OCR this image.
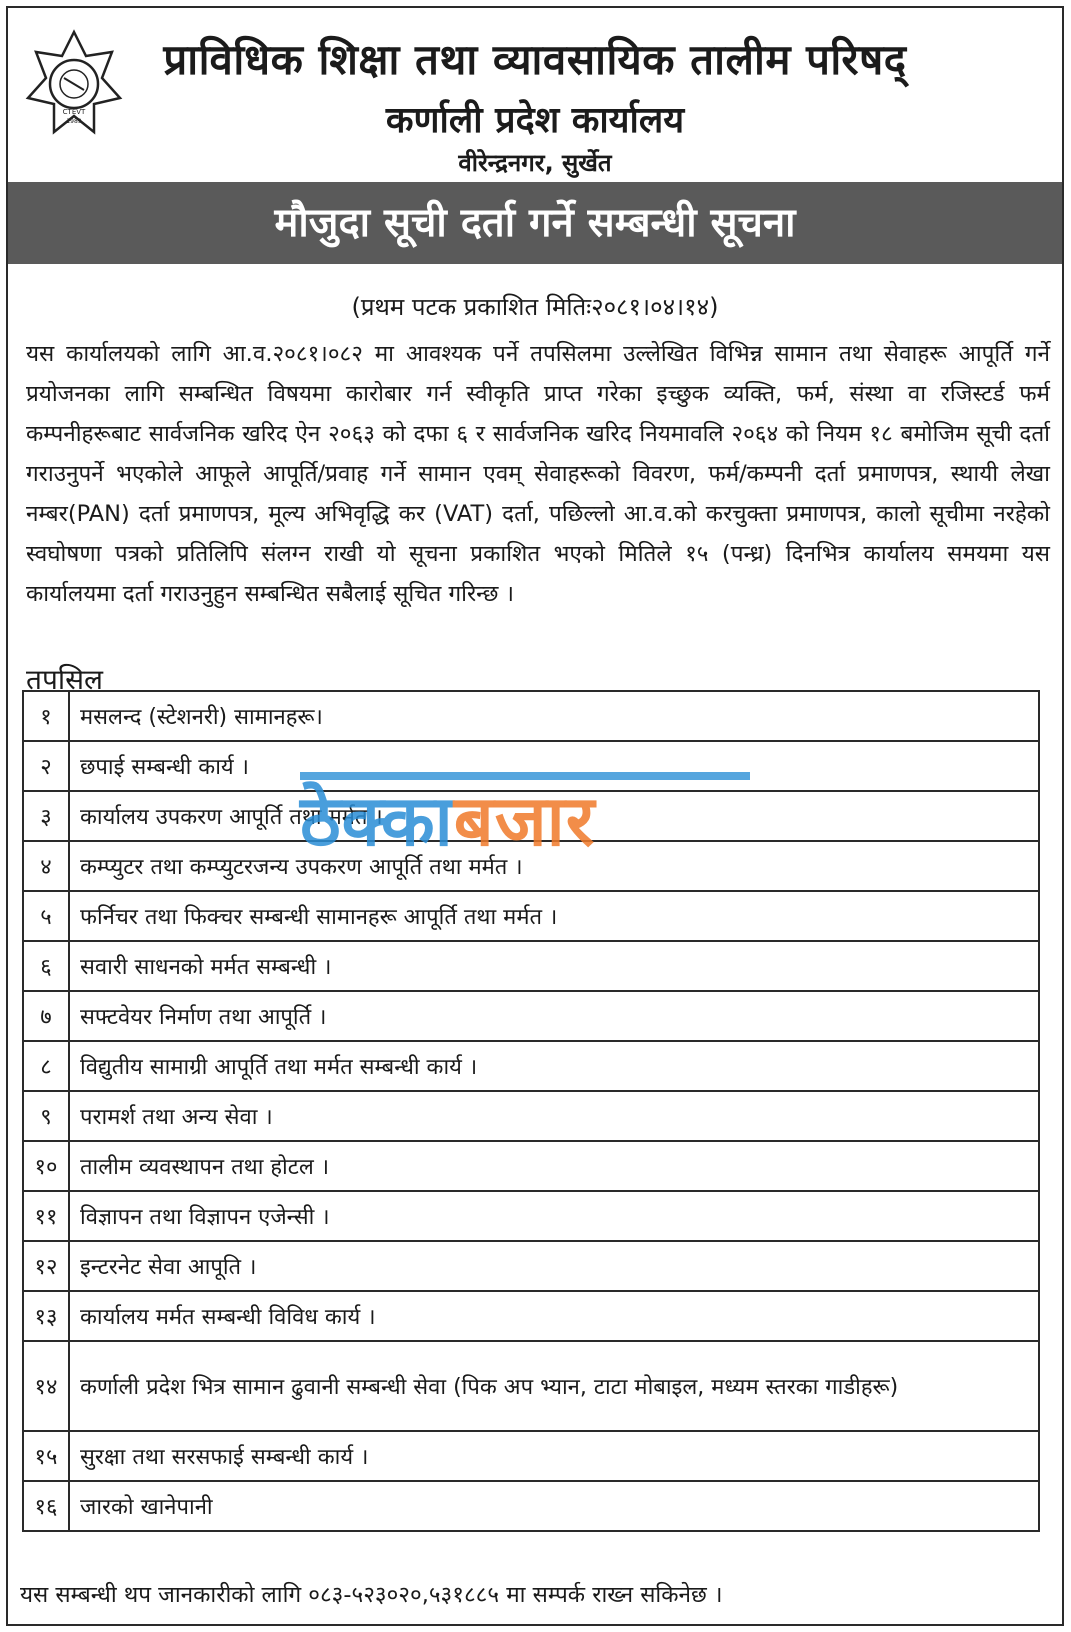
CTEVT
1989
प्राविधिक शिक्षा तथा व्यावसायिक तालीम परिषद्
कर्णाली प्रदेश कार्यालय
वीरेन्द्रनगर, सुर्खेत
मौजुदा सूची दर्ता गर्ने सम्बन्धी सूचना
(प्रथम पटक प्रकाशित मितिः२०८१।०४।१४)
यस कार्यालयको लागि आ.व.२०८१।०८२ मा आवश्यक पर्ने तपसिलमा उल्लेखित विभिन्न सामान तथा सेवाहरू आपूर्ति गर्ने प्रयोजनका लागि सम्बन्धित विषयमा कारोबार गर्न स्वीकृति प्राप्त गरेका इच्छुक व्यक्ति, फर्म, संस्था वा रजिस्टर्ड फर्म कम्पनीहरूबाट सार्वजनिक खरिद ऐन २०६३ को दफा ६ र सार्वजनिक खरिद नियमावलि २०६४ को नियम १८ बमोजिम सूची दर्ता गराउनुपर्ने भएकोले आफूले आपूर्ति/प्रवाह गर्ने सामान एवम् सेवाहरूको विवरण, फर्म/कम्पनी दर्ता प्रमाणपत्र, स्थायी लेखा नम्बर(PAN) दर्ता प्रमाणपत्र, मूल्य अभिवृद्धि कर (VAT) दर्ता, पछिल्लो आ.व.को करचुक्ता प्रमाणपत्र, कालो सूचीमा नरहेको स्वघोषणा पत्रको प्रतिलिपि संलग्न राखी यो सूचना प्रकाशित भएको मितिले १५ (पन्ध्र) दिनभित्र कार्यालय समयमा यस कार्यालयमा दर्ता गराउनुहुन सम्बन्धित सबैलाई सूचित गरिन्छ ।
तपसिल
१	मसलन्द (स्टेशनरी) सामानहरू।
२	छपाई सम्बन्धी कार्य ।
३	कार्यालय उपकरण आपूर्ति तथा मर्मत ।
४	कम्प्युटर तथा कम्प्युटरजन्य उपकरण आपूर्ति तथा मर्मत ।
५	फर्निचर तथा फिक्चर सम्बन्धी सामानहरू आपूर्ति तथा मर्मत ।
६	सवारी साधनको मर्मत सम्बन्धी ।
७	सफ्टवेयर निर्माण तथा आपूर्ति ।
८	विद्युतीय सामाग्री आपूर्ति तथा मर्मत सम्बन्धी कार्य ।
९	परामर्श तथा अन्य सेवा ।
१०	तालीम व्यवस्थापन तथा होटल ।
११	विज्ञापन तथा विज्ञापन एजेन्सी ।
१२	इन्टरनेट सेवा आपूति ।
१३	कार्यालय मर्मत सम्बन्धी विविध कार्य ।
१४	कर्णाली प्रदेश भित्र सामान ढुवानी सम्बन्धी सेवा (पिक अप भ्यान, टाटा मोबाइल, मध्यम स्तरका गाडीहरू)
१५	सुरक्षा तथा सरसफाई सम्बन्धी कार्य ।
१६	जारको खानेपानी
ठेक्काबजार
यस सम्बन्धी थप जानकारीको लागि ०८३-५२३०२०,५३१८८५ मा सम्पर्क राख्न सकिनेछ ।
